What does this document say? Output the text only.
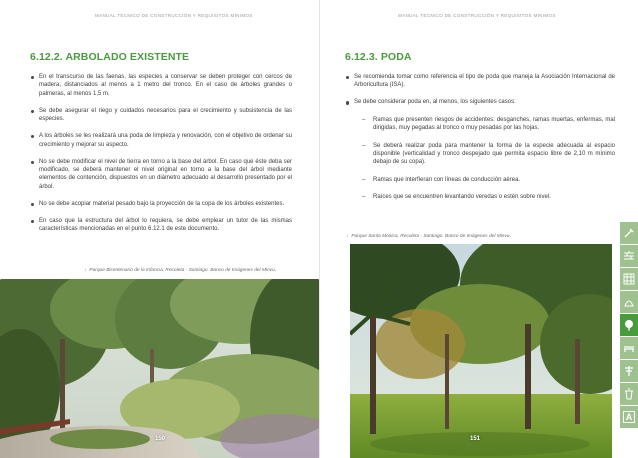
MANUAL TÉCNICO DE CONSTRUCCIÓN Y REQUISITOS MÍNIMOS
6.12.2. ARBOLADO EXISTENTE
En el transcurso de las faenas, las especies a conservar se deben proteger con cercos de madera, distanciados al menos a 1 metro del tronco. En el caso de árboles grandes o palmeras, al menos 1,5 m.
Se debe asegurar el riego y cuidados necesarios para el crecimiento y subsistencia de las especies.
A los árboles se les realizará una poda de limpieza y renovación, con el objetivo de ordenar su crecimiento y mejorar su aspecto.
No se debe modificar el nivel de tierra en torno a la base del árbol. En caso que éste deba ser modificado, se deberá mantener el nivel original en torno a la base del árbol mediante elementos de contención, dispuestos en un diámetro adecuado al desarrollo presentado por el árbol.
No se debe acopiar material pesado bajo la proyección de la copa de los árboles existentes.
En caso que la estructura del árbol lo requiera, se debe emplear un tutor de las mismas características mencionadas en el punto 6.12.1 de este documento.
↓ Parque Bicentenario de la Infancia, Recoleta - Santiago. Banco de Imágenes del Minvu.
150
MANUAL TÉCNICO DE CONSTRUCCIÓN Y REQUISITOS MÍNIMOS
6.12.3. PODA
Se recomienda tomar como referencia el tipo de poda que maneja la Asociación Internacional de Arboricultura (ISA).
Se debe considerar poda en, al menos, los siguientes casos:
– Ramas que presenten riesgos de accidentes: desganches, ramas muertas, enfermas, mal dirigidas, muy pegadas al tronco o muy pesadas por las hojas.
– Se deberá realizar poda para mantener la forma de la especie adecuada al espacio disponible (verticalidad y tronco despejado que permita espacio libre de 2,10 m mínimo debajo de su copa).
– Ramas que interfieran con líneas de conducción aérea.
– Raíces que se encuentren levantando veredas o estén sobre nivel.
↓ Parque Santa Mónica, Recoleta - Santiago. Banco de Imágenes del Minvu.
151
A
